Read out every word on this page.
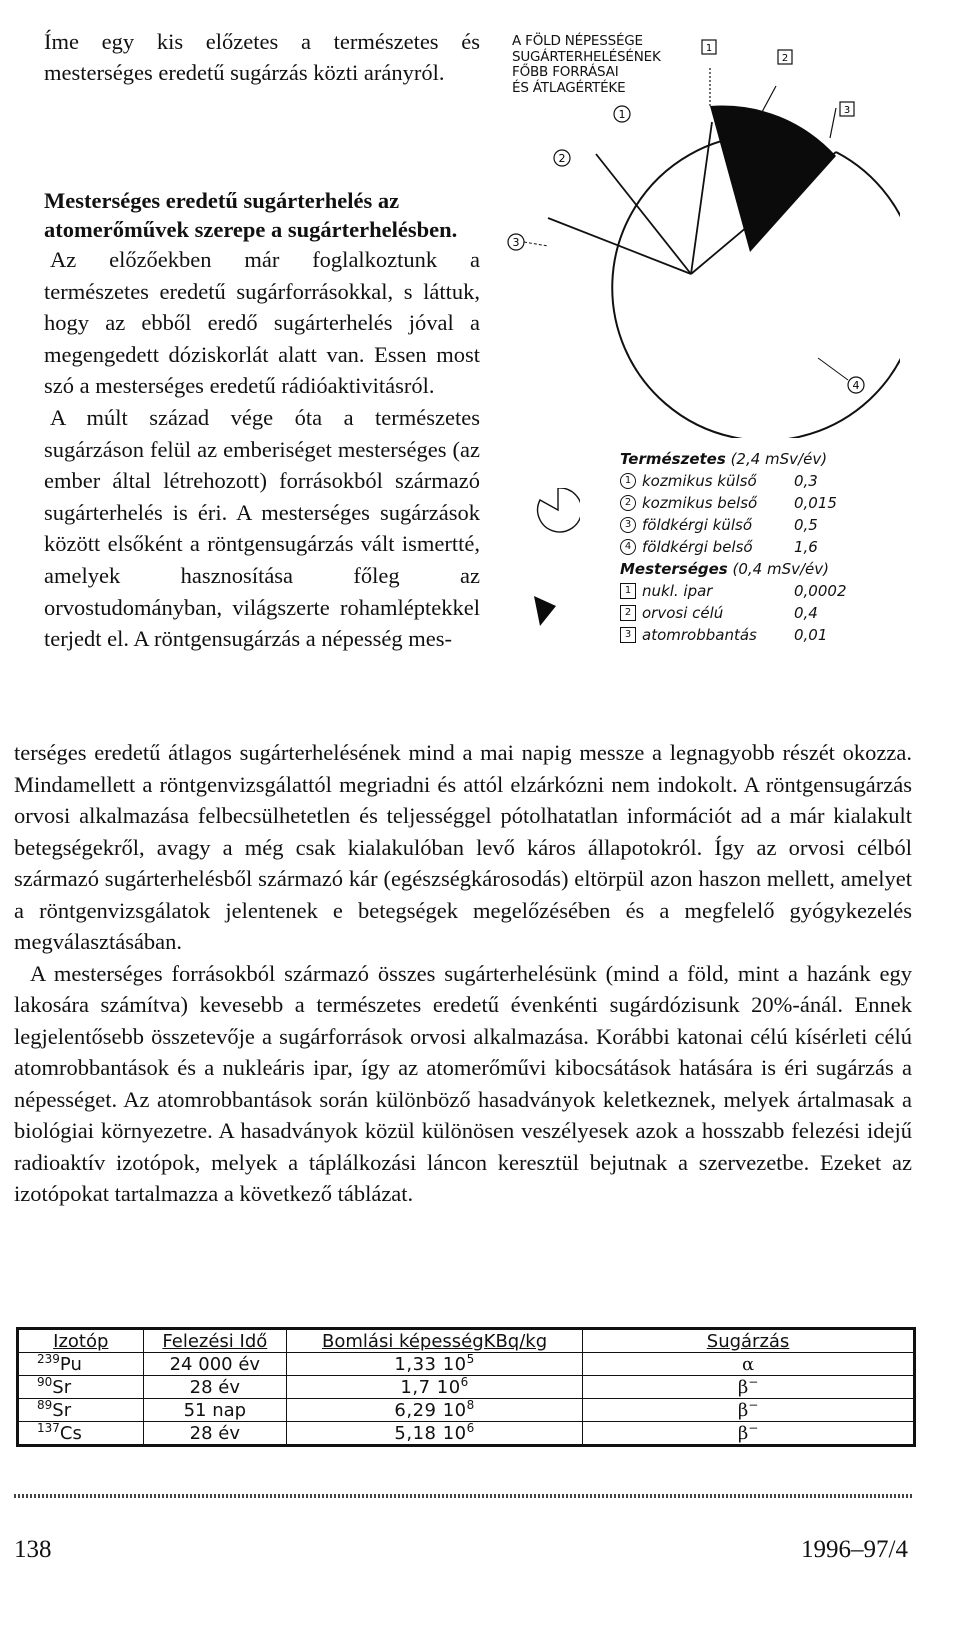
Íme egy kis előzetes a természetes és mesterséges eredetű sugárzás közti arányról.

A FÖLD NÉPESSÉGE
SUGÁRTERHELÉSÉNEK
FŐBB FORRÁSAI
ÉS ÁTLAGÉRTÉKE
1
2
3
4
1
2
3
Természetes (2,4 mSv/év)
1 kozmikus külső 0,3
2 kozmikus belső 0,015
3 földkérgi külső	0,5
4 földkérgi belső	1,6
Mesterséges (0,4 mSv/év)
1 nukl. ipar	0,0002
2 orvosi célú	0,4
3 atomrobbantás 0,01

Mesterséges eredetű sugárterhelés az atomerőművek szerepe a sugárterhelésben.

Az előzőekben már foglalkoztunk a természetes eredetű sugárforrásokkal, s láttuk, hogy az ebből eredő sugárterhelés jóval a megengedett dóziskorlát alatt van. Essen most szó a mesterséges eredetű rádióaktivitásról.

A múlt század vége óta a természetes sugárzáson felül az emberiséget mesterséges (az ember által létrehozott) forrásokból származó sugárterhelés is éri. A mesterséges sugárzások között elsőként a röntgensugárzás vált ismertté, amelyek hasznosítása főleg az orvostudományban, világszerte rohamléptekkel terjedt el. A röntgensugárzás a népesség mes-

terséges eredetű átlagos sugárterhelésének mind a mai napig messze a legnagyobb részét okozza. Mindamellett a röntgenvizsgálattól megriadni és attól elzárkózni nem indokolt. A röntgensugárzás orvosi alkalmazása felbecsülhetetlen és teljességgel pótolhatatlan információt ad a már kialakult betegségekről, avagy a még csak kialakulóban levő káros állapotokról. Így az orvosi célból származó sugárterhelésből származó kár (egészségkárosodás) eltörpül azon haszon mellett, amelyet a röntgenvizsgálatok jelentenek e betegségek megelőzésében és a megfelelő gyógykezelés megválasztásában.

A mesterséges forrásokból származó összes sugárterhelésünk (mind a föld, mint a hazánk egy lakosára számítva) kevesebb a természetes eredetű évenkénti sugárdózisunk 20%-ánál. Ennek legjelentősebb összetevője a sugárforrások orvosi alkalmazása. Korábbi katonai célú kísérleti célú atomrobbantások és a nukleáris ipar, így az atomerőművi kibocsátások hatására is éri sugárzás a népességet. Az atomrobbantások során különböző hasadványok keletkeznek, melyek ártalmasak a biológiai környezetre. A hasadványok közül különösen veszélyesek azok a hosszabb felezési idejű radioaktív izotópok, melyek a táplálkozási láncon keresztül bejutnak a szervezetbe. Ezeket az izotópokat tartalmazza a következő táblázat.

Izotóp	Felezési Idő	Bomlási képességKBq/kg	Sugárzás
$^{239}$Pu	24 000 év	1,33 $10^5$	α
$^{90}$Sr	28 év	1,7 $10^6$	β−
$^{89}$Sr	51 nap	6,29 $10^8$	β−
$^{137}$Cs	28 év	5,18 $10^6$	β−
138	1996–97/4
